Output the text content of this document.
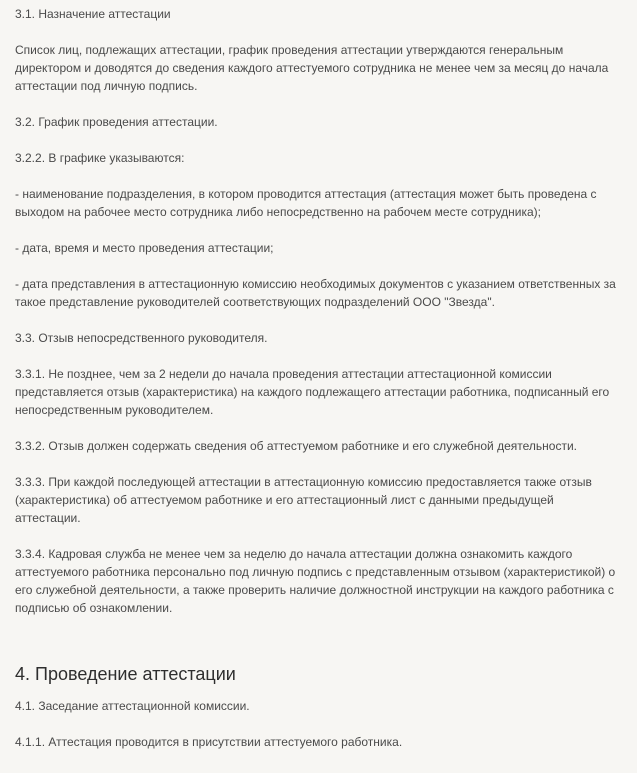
3.1. Назначение аттестации

Список лиц, подлежащих аттестации, график проведения аттестации утверждаются генеральным директором и доводятся до сведения каждого аттестуемого сотрудника не менее чем за месяц до начала аттестации под личную подпись.

3.2. График проведения аттестации.

3.2.2. В графике указываются:

- наименование подразделения, в котором проводится аттестация (аттестация может быть проведена с выходом на рабочее место сотрудника либо непосредственно на рабочем месте сотрудника);

- дата, время и место проведения аттестации;

- дата представления в аттестационную комиссию необходимых документов с указанием ответственных за такое представление руководителей соответствующих подразделений ООО "Звезда".

3.3. Отзыв непосредственного руководителя.

3.3.1. Не позднее, чем за 2 недели до начала проведения аттестации аттестационной комиссии представляется отзыв (характеристика) на каждого подлежащего аттестации работника, подписанный его непосредственным руководителем.

3.3.2. Отзыв должен содержать сведения об аттестуемом работнике и его служебной деятельности.

3.3.3. При каждой последующей аттестации в аттестационную комиссию предоставляется также отзыв (характеристика) об аттестуемом работнике и его аттестационный лист с данными предыдущей аттестации.

3.3.4. Кадровая служба не менее чем за неделю до начала аттестации должна ознакомить каждого аттестуемого работника персонально под личную подпись с представленным отзывом (характеристикой) о его служебной деятельности, а также проверить наличие должностной инструкции на каждого работника с подписью об ознакомлении.

4. Проведение аттестации

4.1. Заседание аттестационной комиссии.

4.1.1. Аттестация проводится в присутствии аттестуемого работника.
